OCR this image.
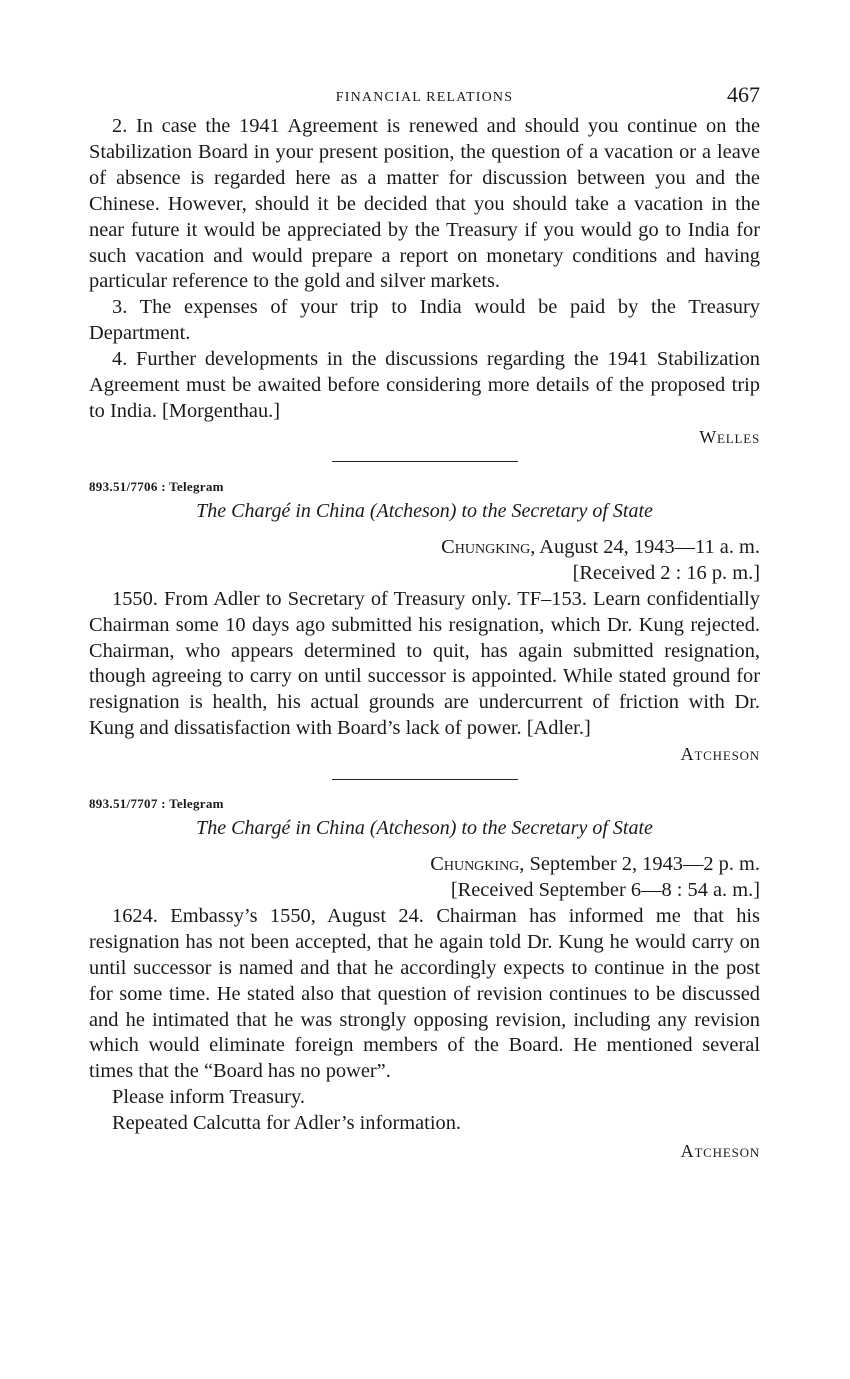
FINANCIAL RELATIONS	467

2. In case the 1941 Agreement is renewed and should you continue on the Stabilization Board in your present position, the question of a vacation or a leave of absence is regarded here as a matter for discussion between you and the Chinese. However, should it be decided that you should take a vacation in the near future it would be appreciated by the Treasury if you would go to India for such vacation and would prepare a report on monetary conditions and having particular reference to the gold and silver markets.

3. The expenses of your trip to India would be paid by the Treasury Department.

4. Further developments in the discussions regarding the 1941 Stabilization Agreement must be awaited before considering more details of the proposed trip to India. [Morgenthau.]

Welles
893.51/7706 : Telegram
The Chargé in China (Atcheson) to the Secretary of State
Chungking, August 24, 1943—11 a. m.
[Received 2 : 16 p. m.]

1550. From Adler to Secretary of Treasury only. TF–153. Learn confidentially Chairman some 10 days ago submitted his resignation, which Dr. Kung rejected. Chairman, who appears determined to quit, has again submitted resignation, though agreeing to carry on until successor is appointed. While stated ground for resignation is health, his actual grounds are undercurrent of friction with Dr. Kung and dissatisfaction with Board’s lack of power. [Adler.]

Atcheson
893.51/7707 : Telegram
The Chargé in China (Atcheson) to the Secretary of State
Chungking, September 2, 1943—2 p. m.
[Received September 6—8 : 54 a. m.]

1624. Embassy’s 1550, August 24. Chairman has informed me that his resignation has not been accepted, that he again told Dr. Kung he would carry on until successor is named and that he accordingly expects to continue in the post for some time. He stated also that question of revision continues to be discussed and he intimated that he was strongly opposing revision, including any revision which would eliminate foreign members of the Board. He mentioned several times that the “Board has no power”.

Please inform Treasury.

Repeated Calcutta for Adler’s information.

Atcheson
